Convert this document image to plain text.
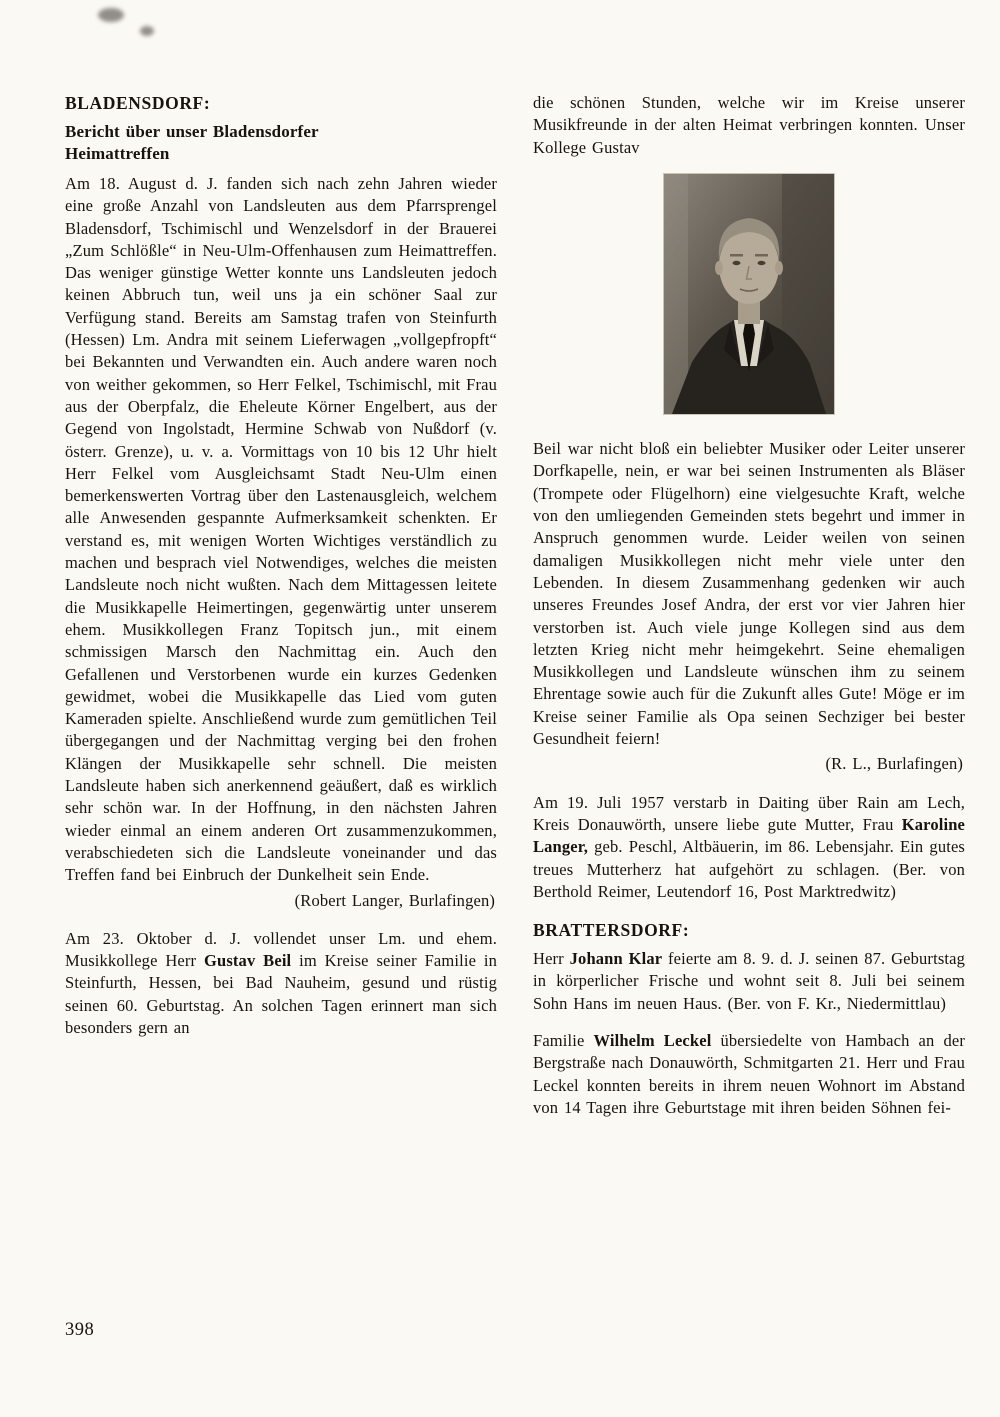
BLADENSDORF:
Bericht über unser Bladensdorfer Heimattreffen

Am 18. August d. J. fanden sich nach zehn Jahren wieder eine große Anzahl von Landsleuten aus dem Pfarrsprengel Bladensdorf, Tschimischl und Wenzelsdorf in der Brauerei „Zum Schlößle“ in Neu-Ulm-Offenhausen zum Heimattreffen. Das weniger günstige Wetter konnte uns Landsleuten jedoch keinen Abbruch tun, weil uns ja ein schöner Saal zur Verfügung stand. Bereits am Samstag trafen von Steinfurth (Hessen) Lm. Andra mit seinem Lieferwagen „vollgepfropft“ bei Bekannten und Verwandten ein. Auch andere waren noch von weither gekommen, so Herr Felkel, Tschimischl, mit Frau aus der Oberpfalz, die Eheleute Körner Engelbert, aus der Gegend von Ingolstadt, Hermine Schwab von Nußdorf (v. österr. Grenze), u. v. a. Vormittags von 10 bis 12 Uhr hielt Herr Felkel vom Ausgleichsamt Stadt Neu-Ulm einen bemerkenswerten Vortrag über den Lastenausgleich, welchem alle Anwesenden gespannte Aufmerksamkeit schenkten. Er verstand es, mit wenigen Worten Wichtiges verständlich zu machen und besprach viel Notwendiges, welches die meisten Landsleute noch nicht wußten. Nach dem Mittagessen leitete die Musikkapelle Heimertingen, gegenwärtig unter unserem ehem. Musikkollegen Franz Topitsch jun., mit einem schmissigen Marsch den Nachmittag ein. Auch den Gefallenen und Verstorbenen wurde ein kurzes Gedenken gewidmet, wobei die Musikkapelle das Lied vom guten Kameraden spielte. Anschließend wurde zum gemütlichen Teil übergegangen und der Nachmittag verging bei den frohen Klängen der Musikkapelle sehr schnell. Die meisten Landsleute haben sich anerkennend geäußert, daß es wirklich sehr schön war. In der Hoffnung, in den nächsten Jahren wieder einmal an einem anderen Ort zusammenzukommen, verabschiedeten sich die Landsleute voneinander und das Treffen fand bei Einbruch der Dunkelheit sein Ende.

(Robert Langer, Burlafingen)

Am 23. Oktober d. J. vollendet unser Lm. und ehem. Musikkollege Herr Gustav Beil im Kreise seiner Familie in Steinfurth, Hessen, bei Bad Nauheim, gesund und rüstig seinen 60. Geburtstag. An solchen Tagen erinnert man sich besonders gern an

die schönen Stunden, welche wir im Kreise unserer Musikfreunde in der alten Heimat verbringen konnten. Unser Kollege Gustav

Beil war nicht bloß ein beliebter Musiker oder Leiter unserer Dorfkapelle, nein, er war bei seinen Instrumenten als Bläser (Trompete oder Flügelhorn) eine vielgesuchte Kraft, welche von den umliegenden Gemeinden stets begehrt und immer in Anspruch genommen wurde. Leider weilen von seinen damaligen Musikkollegen nicht mehr viele unter den Lebenden. In diesem Zusammenhang gedenken wir auch unseres Freundes Josef Andra, der erst vor vier Jahren hier verstorben ist. Auch viele junge Kollegen sind aus dem letzten Krieg nicht mehr heimgekehrt. Seine ehemaligen Musikkollegen und Landsleute wünschen ihm zu seinem Ehrentage sowie auch für die Zukunft alles Gute! Möge er im Kreise seiner Familie als Opa seinen Sechziger bei bester Gesundheit feiern!

(R. L., Burlafingen)

Am 19. Juli 1957 verstarb in Daiting über Rain am Lech, Kreis Donauwörth, unsere liebe gute Mutter, Frau Karoline Langer, geb. Peschl, Altbäuerin, im 86. Lebensjahr. Ein gutes treues Mutterherz hat aufgehört zu schlagen. (Ber. von Berthold Reimer, Leutendorf 16, Post Marktredwitz)

BRATTERSDORF:

Herr Johann Klar feierte am 8. 9. d. J. seinen 87. Geburtstag in körperlicher Frische und wohnt seit 8. Juli bei seinem Sohn Hans im neuen Haus. (Ber. von F. Kr., Niedermittlau)

Familie Wilhelm Leckel übersiedelte von Hambach an der Bergstraße nach Donauwörth, Schmitgarten 21. Herr und Frau Leckel konnten bereits in ihrem neuen Wohnort im Abstand von 14 Tagen ihre Geburtstage mit ihren beiden Söhnen fei-

398
